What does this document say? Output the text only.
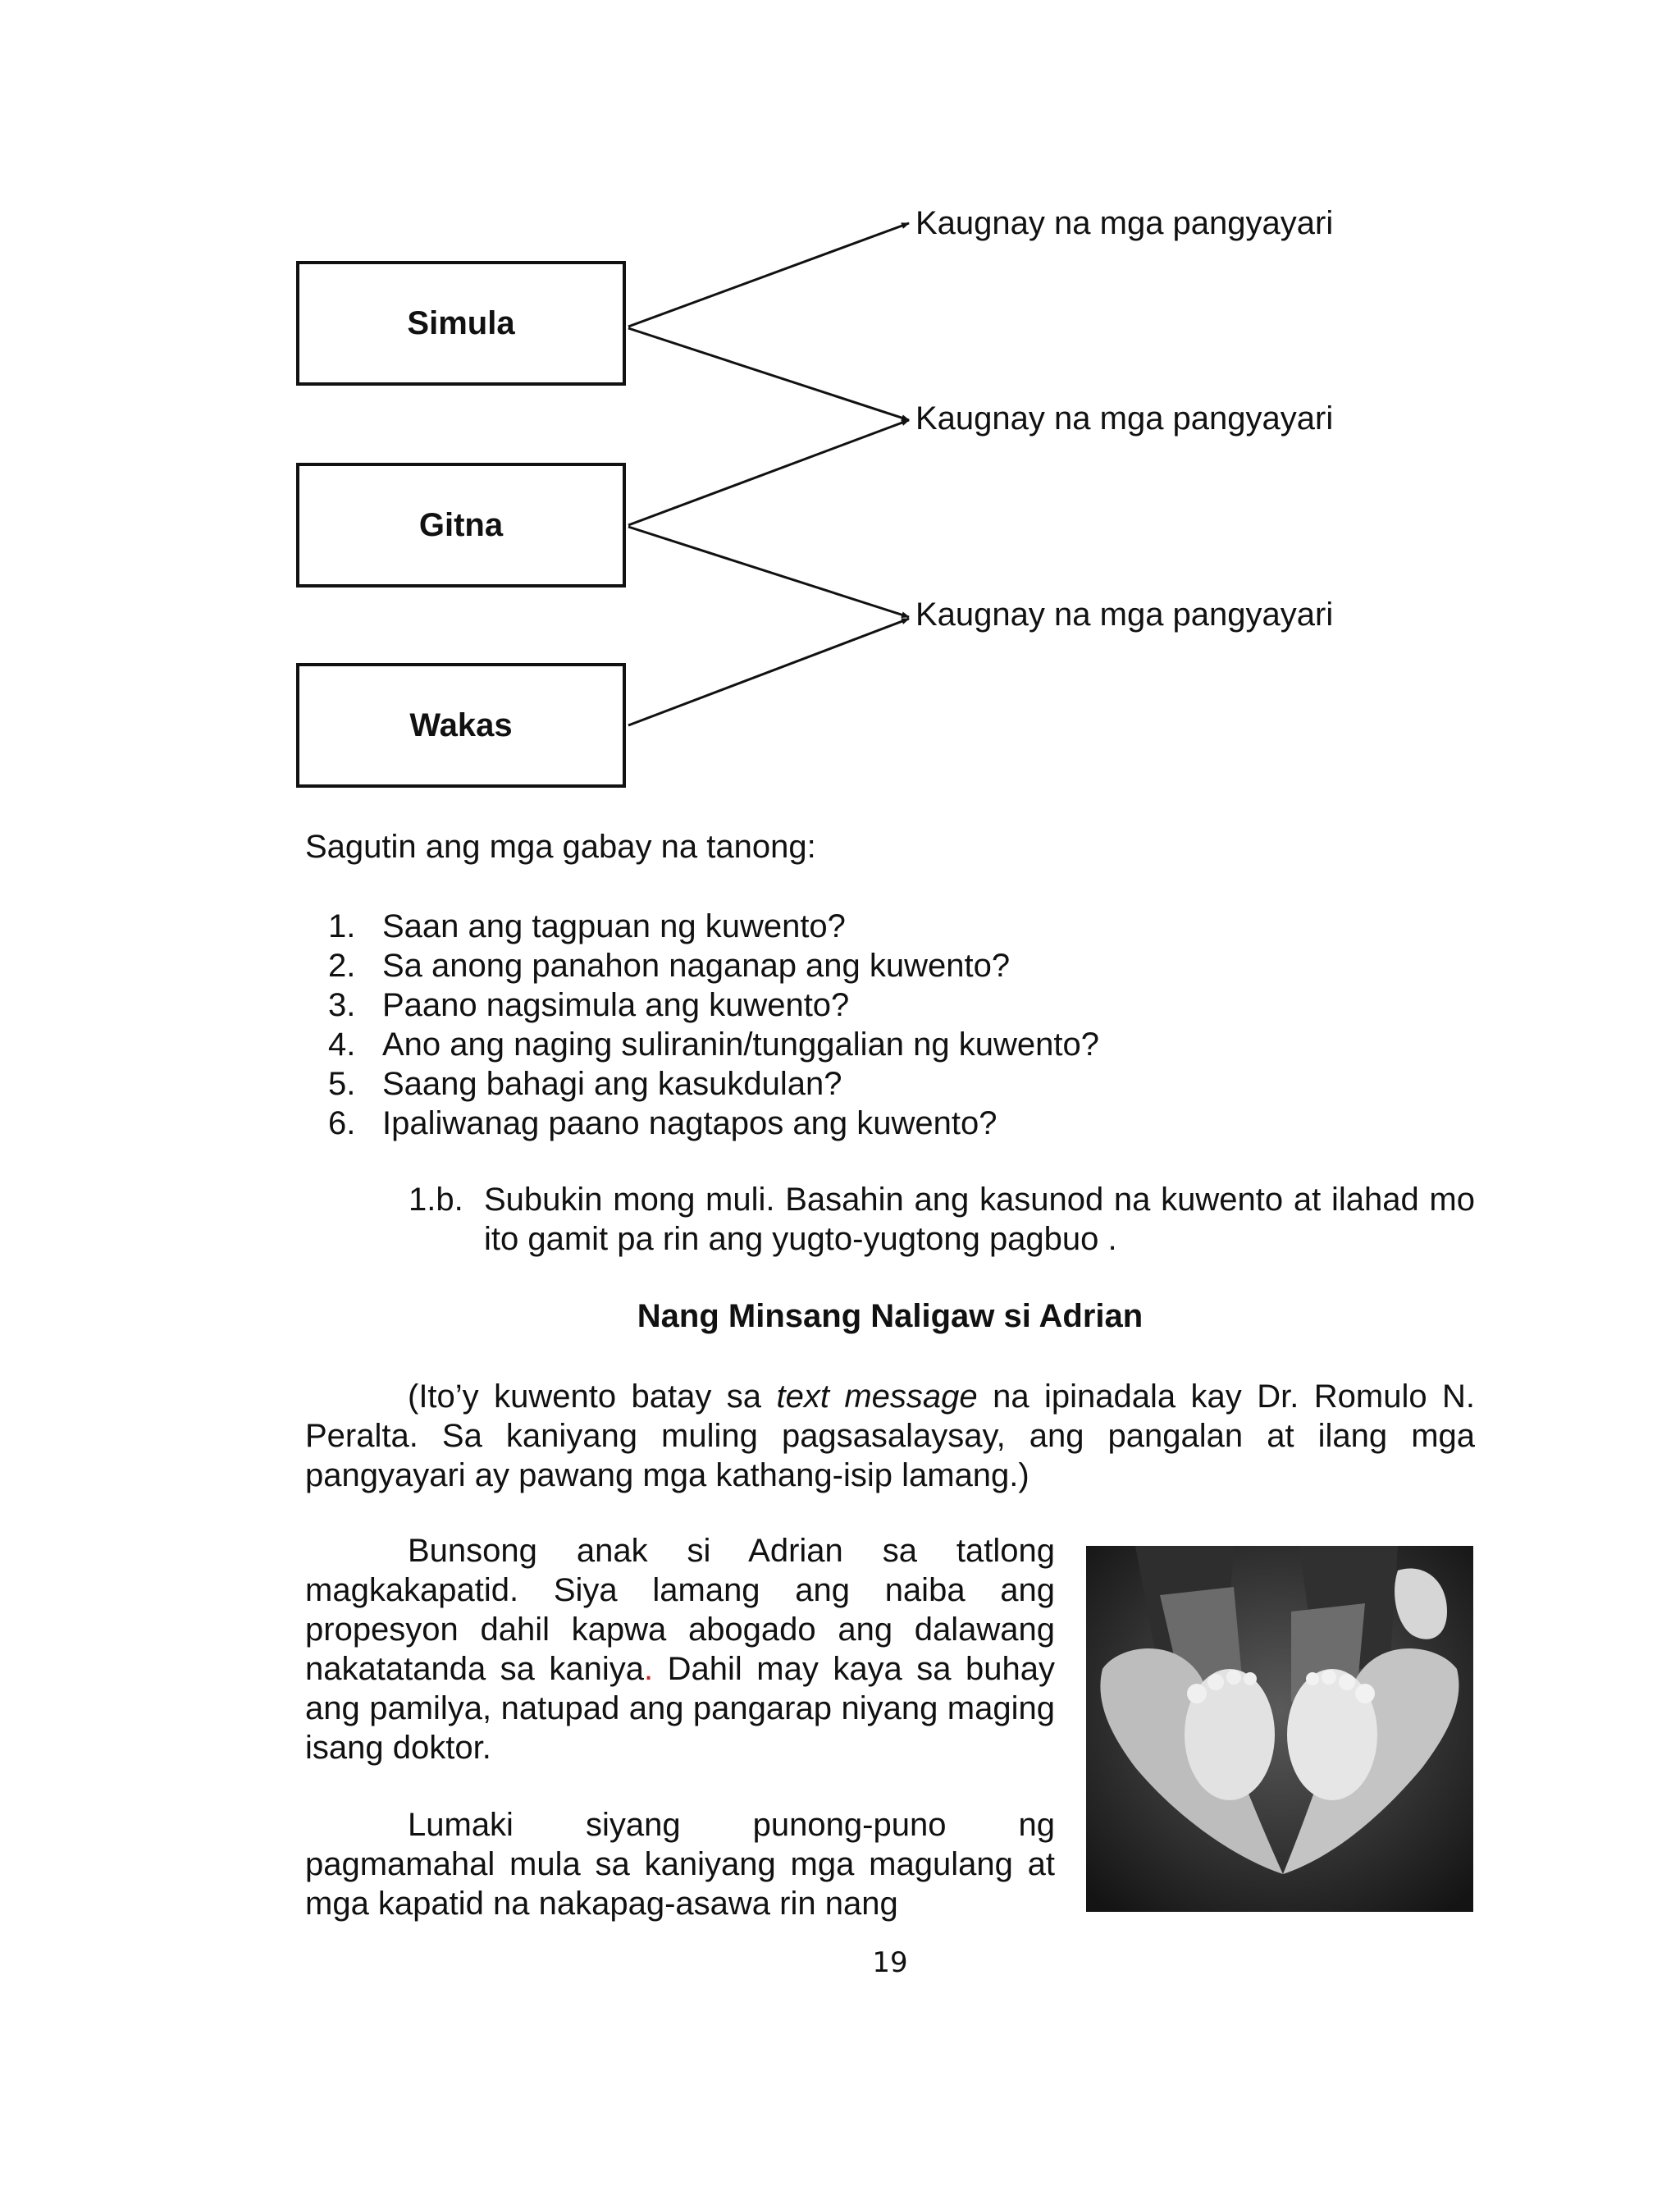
Simula
Gitna
Wakas
Kaugnay na mga pangyayari
Kaugnay na mga pangyayari
Kaugnay na mga pangyayari
Sagutin ang mga gabay na tanong:
1. Saan ang tagpuan ng kuwento?
2. Sa anong panahon naganap ang kuwento?
3. Paano nagsimula ang kuwento?
4. Ano ang naging suliranin/tunggalian ng kuwento?
5. Saang bahagi ang kasukdulan?
6. Ipaliwanag paano nagtapos ang kuwento?
1.b. Subukin mong muli. Basahin ang kasunod na kuwento at ilahad mo ito gamit pa rin ang yugto-yugtong pagbuo .
Nang Minsang Naligaw si Adrian
(Ito’y kuwento batay sa text message na ipinadala kay Dr. Romulo N. Peralta. Sa kaniyang muling pagsasalaysay, ang pangalan at ilang mga pangyayari ay pawang mga kathang-isip lamang.)
Bunsong anak si Adrian sa tatlong magkakapatid. Siya lamang ang naiba ang propesyon dahil kapwa abogado ang dalawang nakatatanda sa kaniya. Dahil may kaya sa buhay ang pamilya, natupad ang pangarap niyang maging isang doktor.
Lumaki siyang punong-puno ng pagmamahal mula sa kaniyang mga magulang at mga kapatid na nakapag-asawa rin nang
19
